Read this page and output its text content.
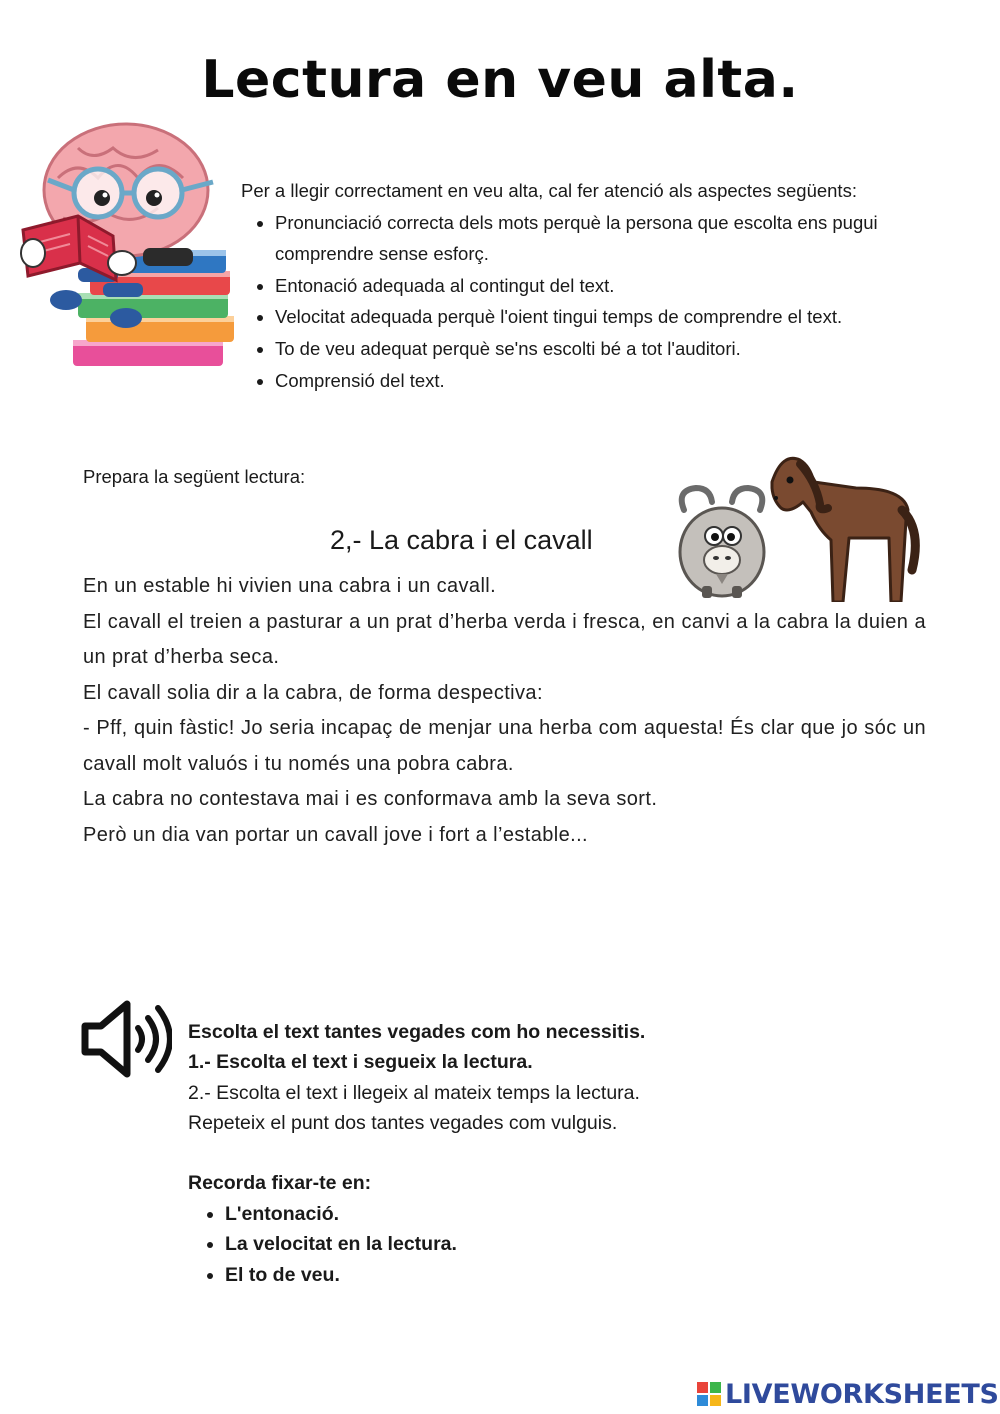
Lectura en veu alta.
Per a llegir correctament en veu alta, cal fer atenció als aspectes següents:
• Pronunciació correcta dels mots perquè la persona que escolta ens pugui comprendre sense esforç.
• Entonació adequada al contingut del text.
• Velocitat adequada perquè l'oient tingui temps de comprendre el text.
• To de veu adequat perquè se'ns escolti bé a tot l'auditori.
• Comprensió del text.
Prepara la següent lectura:
2,- La cabra i el cavall

En un estable hi vivien una cabra i un cavall.

El cavall el treien a pasturar a un prat d’herba verda i fresca, en canvi a la cabra la duien a un prat d’herba seca.

El cavall solia dir a la cabra, de forma despectiva:

- Pff, quin fàstic! Jo seria incapaç de menjar una herba com aquesta! És clar que jo sóc un cavall molt valuós i tu només una pobra cabra.

La cabra no contestava mai i es conformava amb la seva sort.

Però un dia van portar un cavall jove i fort a l’estable...

Escolta el text tantes vegades com ho necessitis.

1.- Escolta el text i segueix la lectura.

2.- Escolta el text i llegeix al mateix temps la lectura.

Repeteix el punt dos tantes vegades com vulguis.

Recorda fixar-te en:

• L'entonació.
• La velocitat en la lectura.
• El to de veu.
LIVEWORKSHEETS
